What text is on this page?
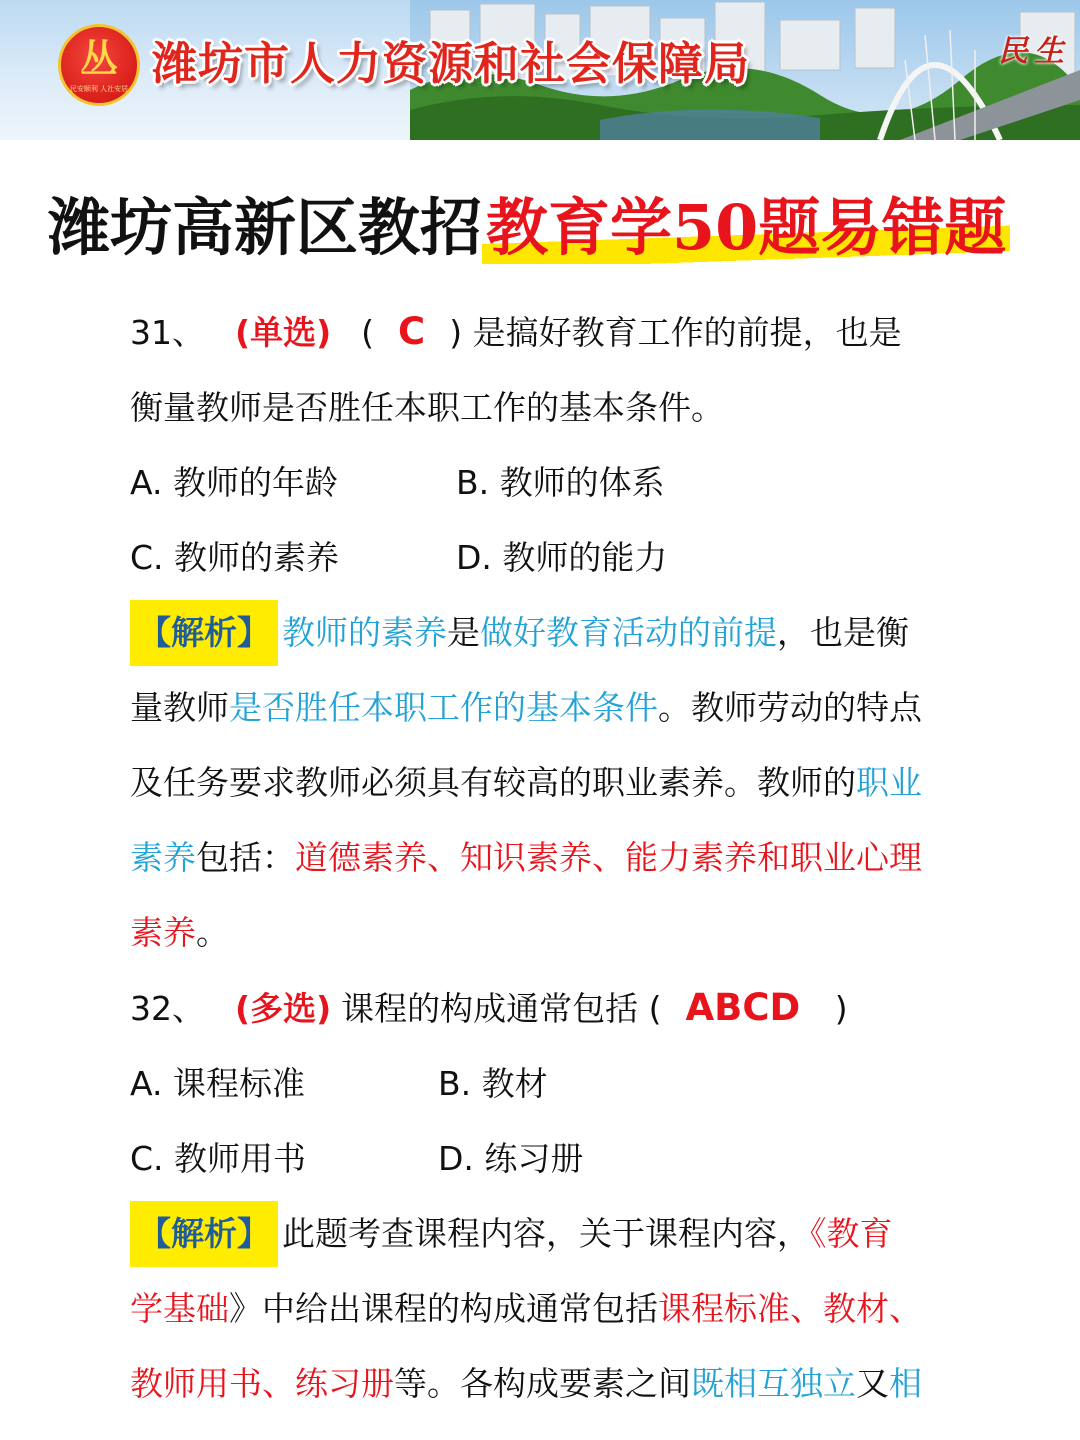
丛
民安顺利 人社安居 潍坊市人力资源和社会保障局	民生
潍坊高新区教招教育学50题易错题
31、 (单选) ( C ) 是搞好教育工作的前提，也是
衡量教师是否胜任本职工作的基本条件。
A. 教师的年龄	B. 教师的体系
C. 教师的素养	D. 教师的能力
【解析】 教师的素养是做好教育活动的前提，也是衡
量教师是否胜任本职工作的基本条件。教师劳动的特点
及任务要求教师必须具有较高的职业素养。教师的职业
素养包括：道德素养、知识素养、能力素养和职业心理
素养。
32、 (多选) 课程的构成通常包括 ( ABCD )
A. 课程标准	B. 教材
C. 教师用书	D. 练习册
【解析】 此题考查课程内容，关于课程内容，《教育
学基础》中给出课程的构成通常包括课程标准、教材、
教师用书、练习册等。各构成要素之间既相互独立又相
